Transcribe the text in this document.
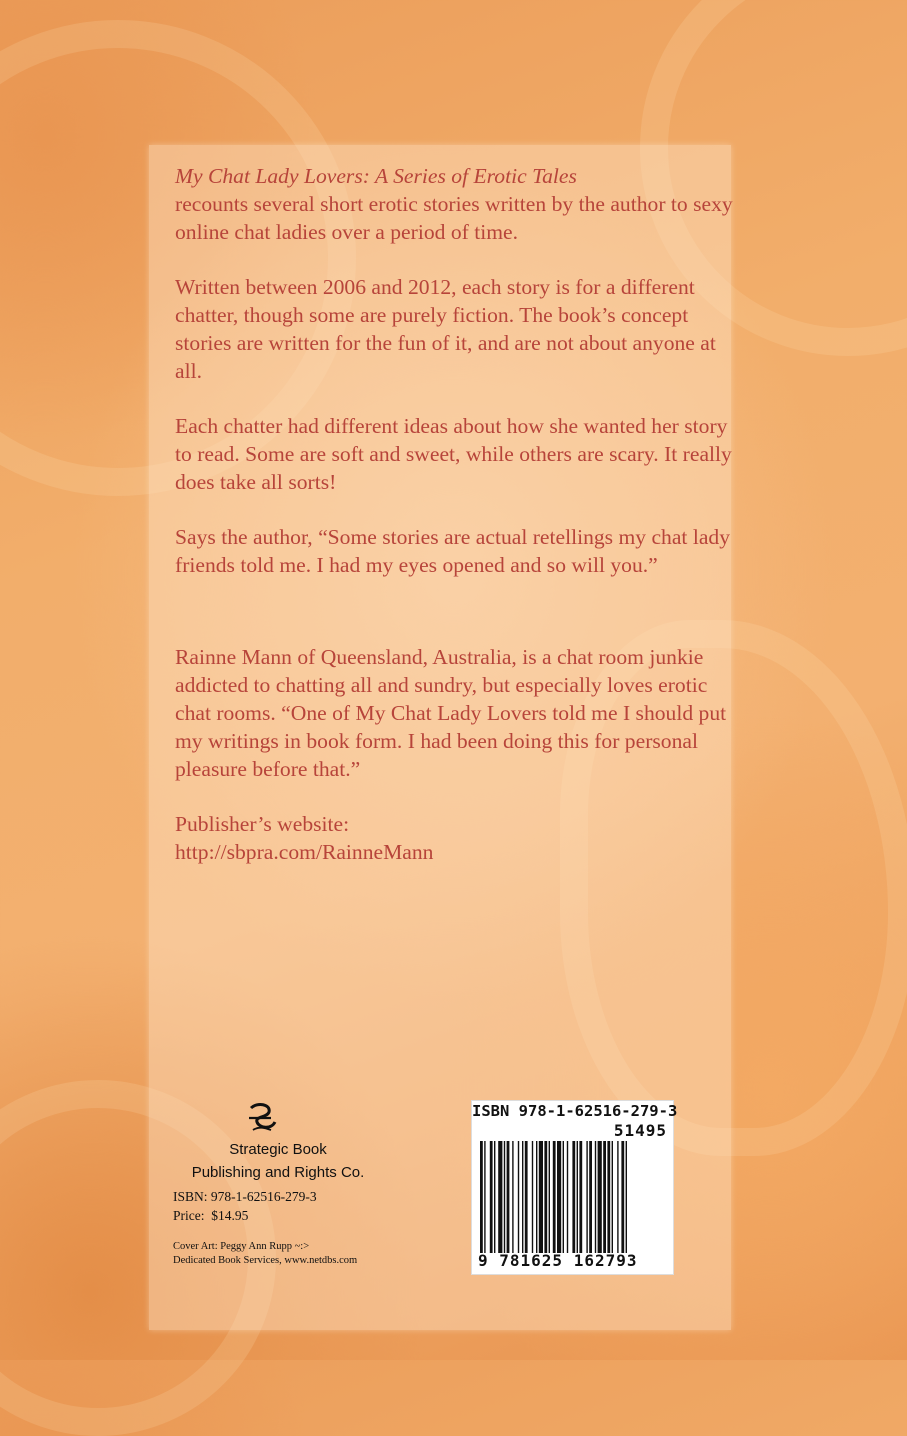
My Chat Lady Lovers: A Series of Erotic Tales
recounts several short erotic stories written by the author to sexy online chat ladies over a period of time.

Written between 2006 and 2012, each story is for a different chatter, though some are purely fiction. The book’s concept stories are written for the fun of it, and are not about anyone at all.

Each chatter had different ideas about how she wanted her story to read. Some are soft and sweet, while others are scary. It really does take all sorts!

Says the author, “Some stories are actual retellings my chat lady friends told me. I had my eyes opened and so will you.”

Rainne Mann of Queensland, Australia, is a chat room junkie addicted to chatting all and sundry, but especially loves erotic chat rooms. “One of My Chat Lady Lovers told me I should put my writings in book form. I had been doing this for personal pleasure before that.”

Publisher’s website:
http://sbpra.com/RainneMann

Strategic Book
Publishing and Rights Co.
ISBN: 978-1-62516-279-3
Price:  $14.95
Cover Art: Peggy Ann Rupp ~:>
Dedicated Book Services, www.netdbs.com
ISBN 978-1-62516-279-3
51495
9 781625 162793
